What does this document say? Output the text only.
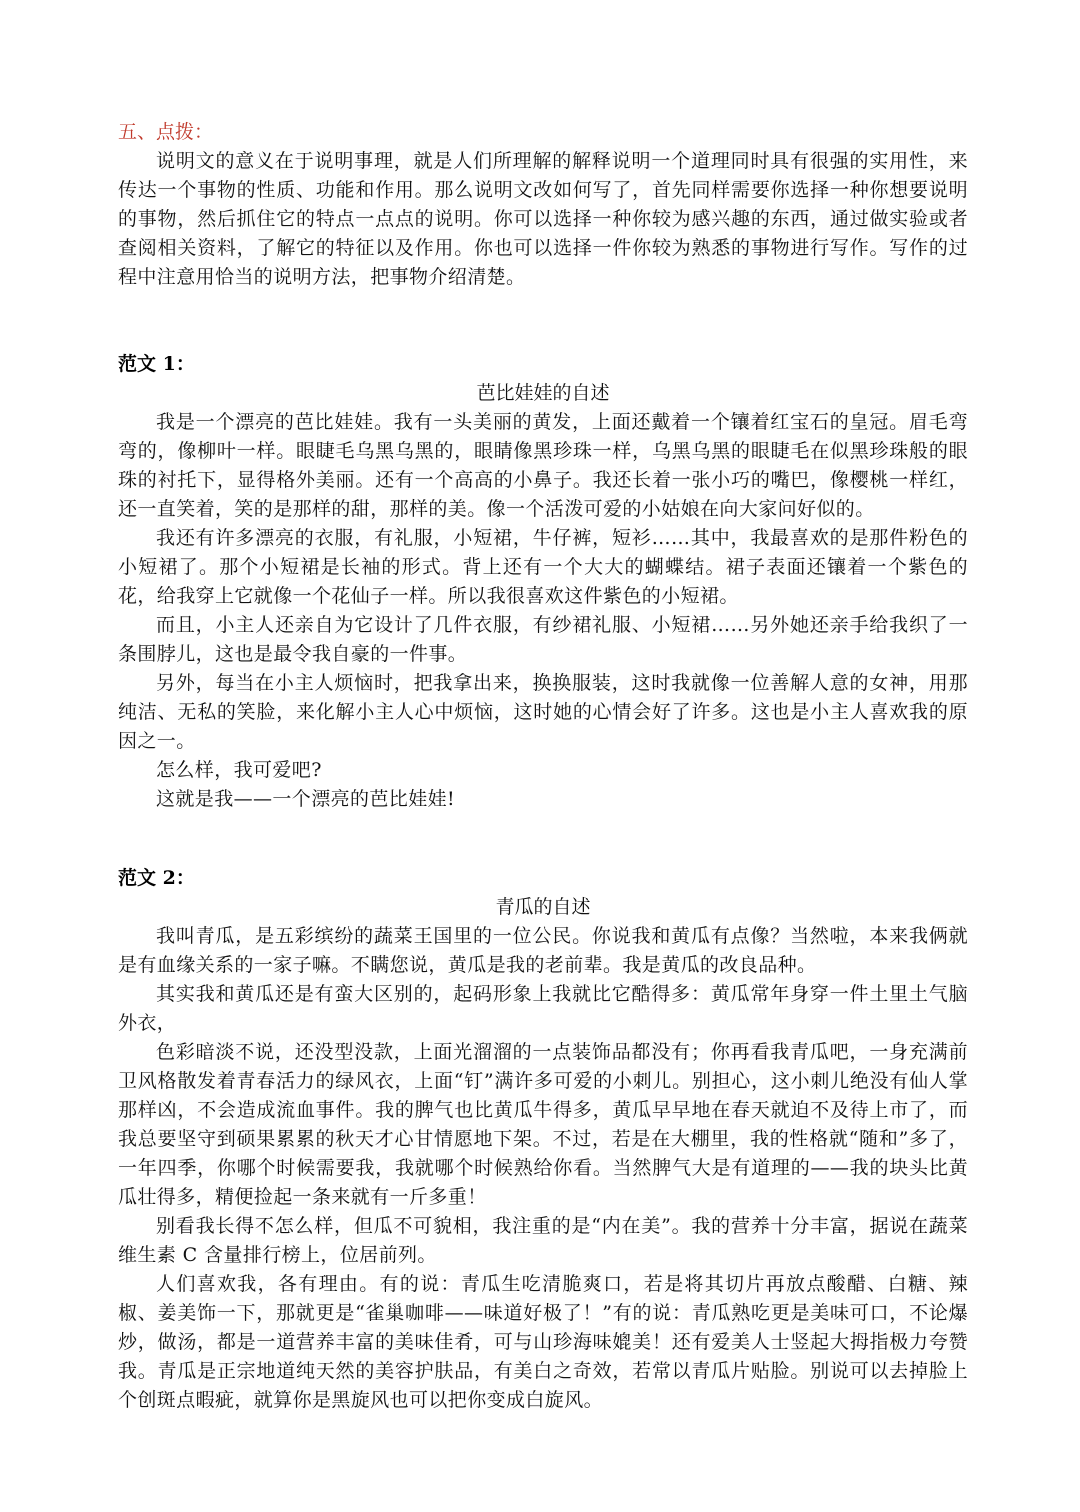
五、点拨：

说明文的意义在于说明事理，就是人们所理解的解释说明一个道理同时具有很强的实用性，来传达一个事物的性质、功能和作用。那么说明文改如何写了，首先同样需要你选择一种你想要说明的事物，然后抓住它的特点一点点的说明。你可以选择一种你较为感兴趣的东西，通过做实验或者查阅相关资料，了解它的特征以及作用。你也可以选择一件你较为熟悉的事物进行写作。写作的过程中注意用恰当的说明方法，把事物介绍清楚。

范文 1：

芭比娃娃的自述

我是一个漂亮的芭比娃娃。我有一头美丽的黄发，上面还戴着一个镶着红宝石的皇冠。眉毛弯弯的，像柳叶一样。眼睫毛乌黑乌黑的，眼睛像黑珍珠一样，乌黑乌黑的眼睫毛在似黑珍珠般的眼珠的衬托下，显得格外美丽。还有一个高高的小鼻子。我还长着一张小巧的嘴巴，像樱桃一样红，还一直笑着，笑的是那样的甜，那样的美。像一个活泼可爱的小姑娘在向大家问好似的。

我还有许多漂亮的衣服，有礼服，小短裙，牛仔裤，短衫……其中，我最喜欢的是那件粉色的小短裙了。那个小短裙是长袖的形式。背上还有一个大大的蝴蝶结。裙子表面还镶着一个紫色的花，给我穿上它就像一个花仙子一样。所以我很喜欢这件紫色的小短裙。

而且，小主人还亲自为它设计了几件衣服，有纱裙礼服、小短裙……另外她还亲手给我织了一条围脖儿，这也是最令我自豪的一件事。

另外，每当在小主人烦恼时，把我拿出来，换换服装，这时我就像一位善解人意的女神，用那纯洁、无私的笑脸，来化解小主人心中烦恼，这时她的心情会好了许多。这也是小主人喜欢我的原因之一。

怎么样，我可爱吧?

这就是我——一个漂亮的芭比娃娃!

范文 2：

青瓜的自述

我叫青瓜，是五彩缤纷的蔬菜王国里的一位公民。你说我和黄瓜有点像？当然啦，本来我俩就是有血缘关系的一家子嘛。不瞒您说，黄瓜是我的老前辈。我是黄瓜的改良品种。

其实我和黄瓜还是有蛮大区别的，起码形象上我就比它酷得多：黄瓜常年身穿一件土里土气脑外衣，

色彩暗淡不说，还没型没款，上面光溜溜的一点装饰品都没有；你再看我青瓜吧，一身充满前卫风格散发着青春活力的绿风衣，上面“钉”满许多可爱的小刺儿。别担心，这小刺儿绝没有仙人掌那样凶，不会造成流血事件。我的脾气也比黄瓜牛得多，黄瓜早早地在春天就迫不及待上市了，而我总要坚守到硕果累累的秋天才心甘情愿地下架。不过，若是在大棚里，我的性格就“随和”多了，一年四季，你哪个时候需要我，我就哪个时候熟给你看。当然脾气大是有道理的——我的块头比黄瓜壮得多，精便捡起一条来就有一斤多重！

别看我长得不怎么样，但瓜不可貌相，我注重的是“内在美”。我的营养十分丰富，据说在蔬菜维生素 C 含量排行榜上，位居前列。

人们喜欢我，各有理由。有的说：青瓜生吃清脆爽口，若是将其切片再放点酸醋、白糖、辣椒、姜美饰一下，那就更是“雀巢咖啡——味道好极了！”有的说：青瓜熟吃更是美味可口，不论爆炒，做汤，都是一道营养丰富的美味佳肴，可与山珍海味媲美！还有爱美人士竖起大拇指极力夸赞我。青瓜是正宗地道纯天然的美容护肤品，有美白之奇效，若常以青瓜片贴脸。别说可以去掉脸上个创斑点暇疵，就算你是黑旋风也可以把你变成白旋风。
